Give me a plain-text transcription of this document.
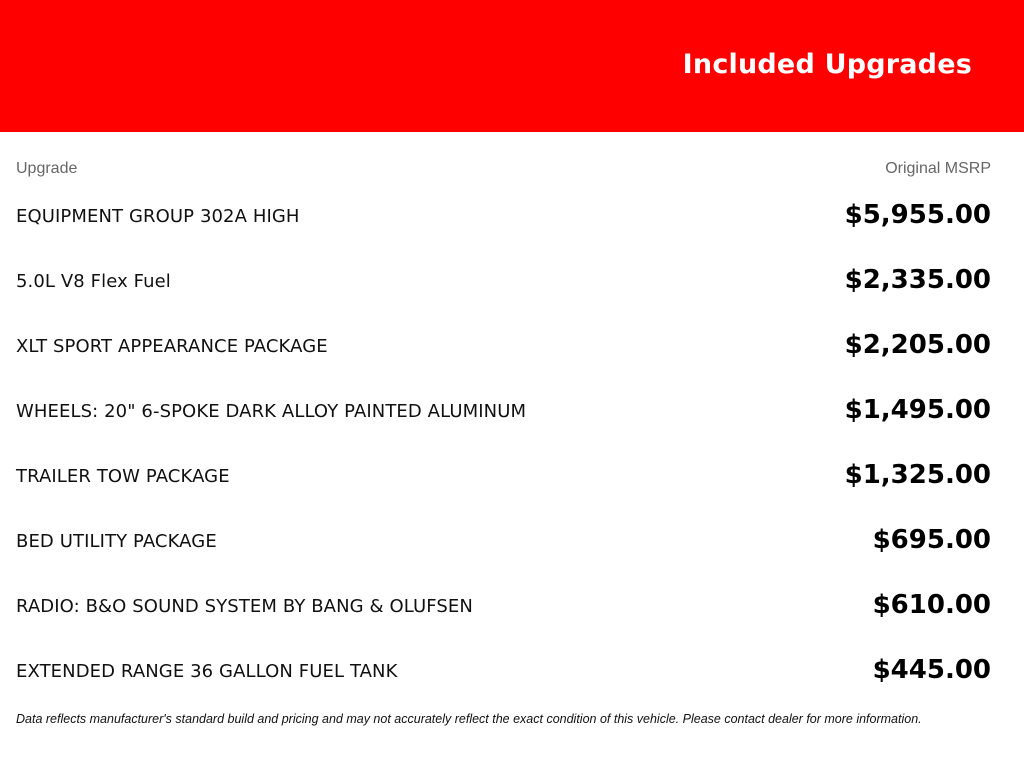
Included Upgrades
Upgrade	Original MSRP
EQUIPMENT GROUP 302A HIGH	$5,955.00
5.0L V8 Flex Fuel	$2,335.00
XLT SPORT APPEARANCE PACKAGE	$2,205.00
WHEELS: 20" 6-SPOKE DARK ALLOY PAINTED ALUMINUM	$1,495.00
TRAILER TOW PACKAGE	$1,325.00
BED UTILITY PACKAGE	$695.00
RADIO: B&O SOUND SYSTEM BY BANG & OLUFSEN	$610.00
EXTENDED RANGE 36 GALLON FUEL TANK	$445.00
Data reflects manufacturer's standard build and pricing and may not accurately reflect the exact condition of this vehicle. Please contact dealer for more information.
